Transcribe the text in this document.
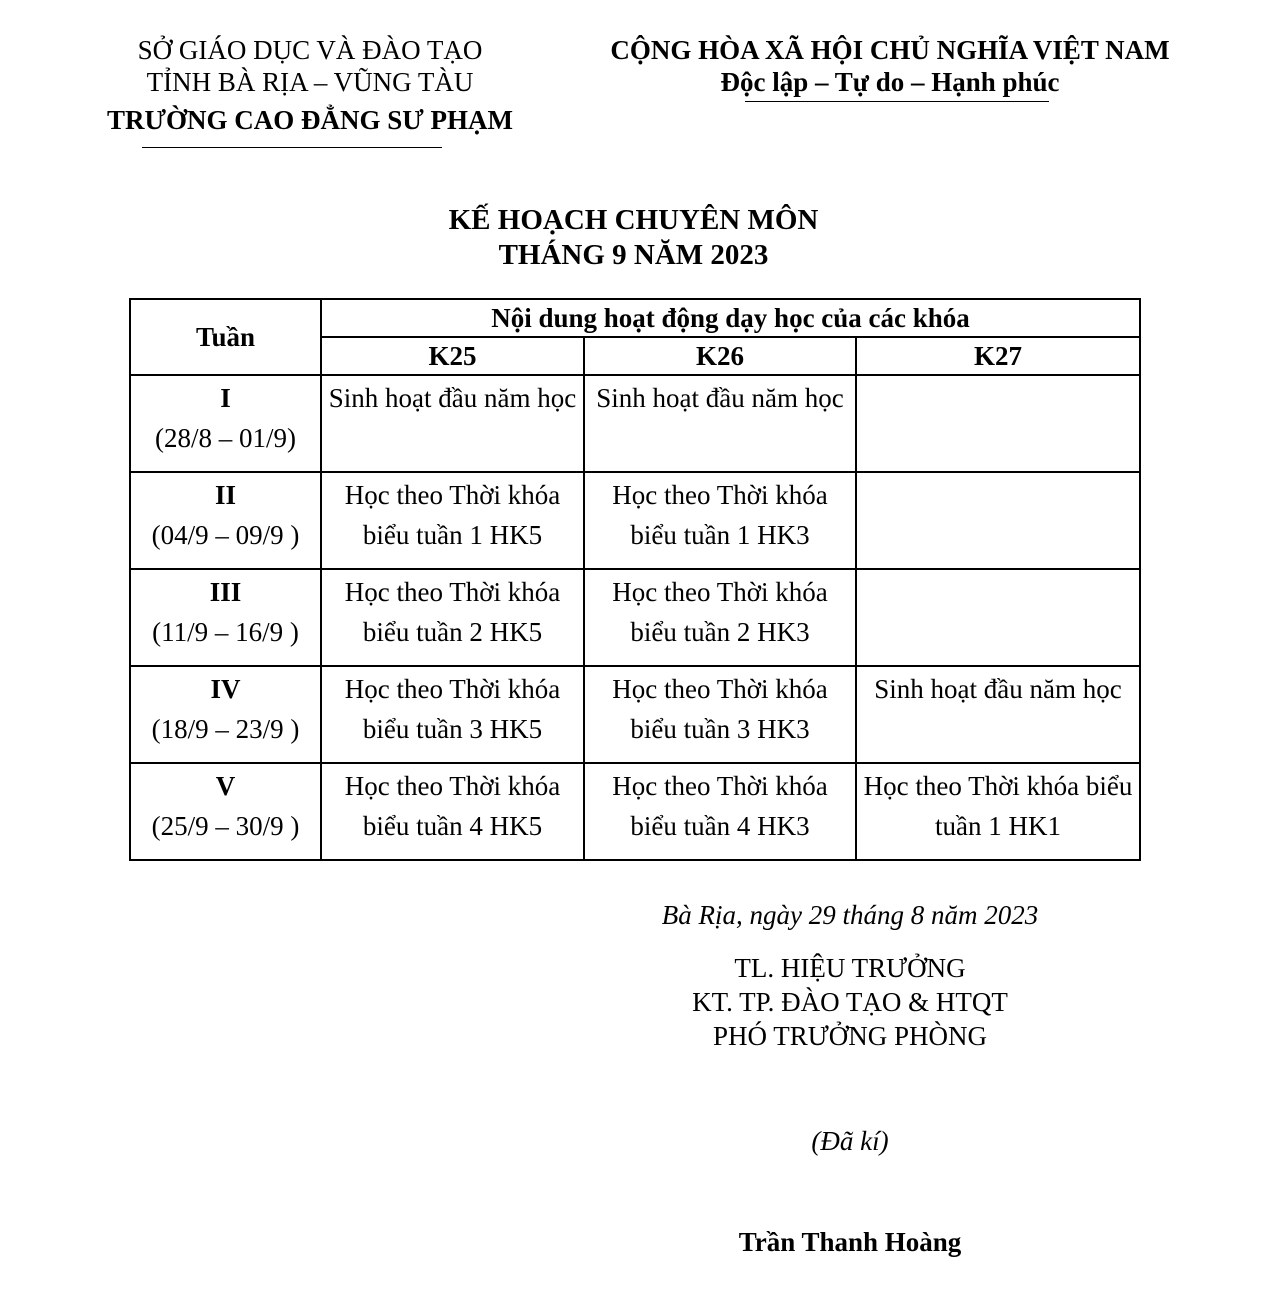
SỞ GIÁO DỤC VÀ ĐÀO TẠO
TỈNH BÀ RỊA – VŨNG TÀU
TRƯỜNG CAO ĐẲNG SƯ PHẠM
CỘNG HÒA XÃ HỘI CHỦ NGHĨA VIỆT NAM
Độc lập – Tự do – Hạnh phúc
KẾ HOẠCH CHUYÊN MÔN
THÁNG 9 NĂM 2023
Tuần	Nội dung hoạt động dạy học của các khóa		
	K25	K26	K27

I
(28/8 – 01/9)	Sinh hoạt đầu năm học	Sinh hoạt đầu năm học	

II
(04/9 – 09/9 )	Học theo Thời khóa biểu tuần 1 HK5	Học theo Thời khóa biểu tuần 1 HK3	

III
(11/9 – 16/9 )	Học theo Thời khóa biểu tuần 2 HK5	Học theo Thời khóa biểu tuần 2 HK3	

IV
(18/9 – 23/9 )	Học theo Thời khóa biểu tuần 3 HK5	Học theo Thời khóa biểu tuần 3 HK3	Sinh hoạt đầu năm học

V
(25/9 – 30/9 )	Học theo Thời khóa biểu tuần 4 HK5	Học theo Thời khóa biểu tuần 4 HK3	Học theo Thời khóa biểu tuần 1 HK1
Bà Rịa, ngày 29 tháng 8 năm 2023
TL. HIỆU TRƯỞNG
KT. TP. ĐÀO TẠO & HTQT
PHÓ TRƯỞNG PHÒNG
(Đã kí)
Trần Thanh Hoàng
